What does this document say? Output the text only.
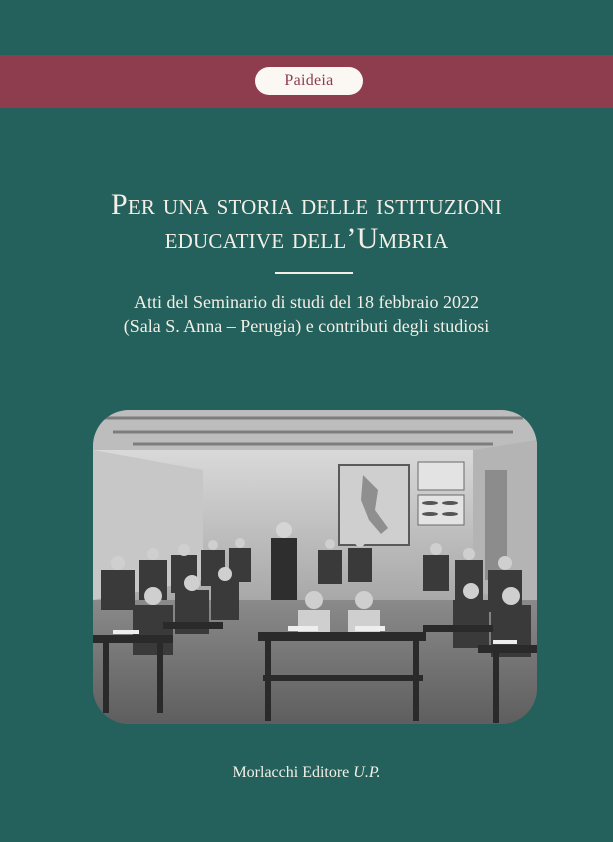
Paideia
Per una storia delle istituzioni
educative dell’Umbria
Atti del Seminario di studi del 18 febbraio 2022
(Sala S. Anna – Perugia) e contributi degli studiosi
Morlacchi Editore U.P.
